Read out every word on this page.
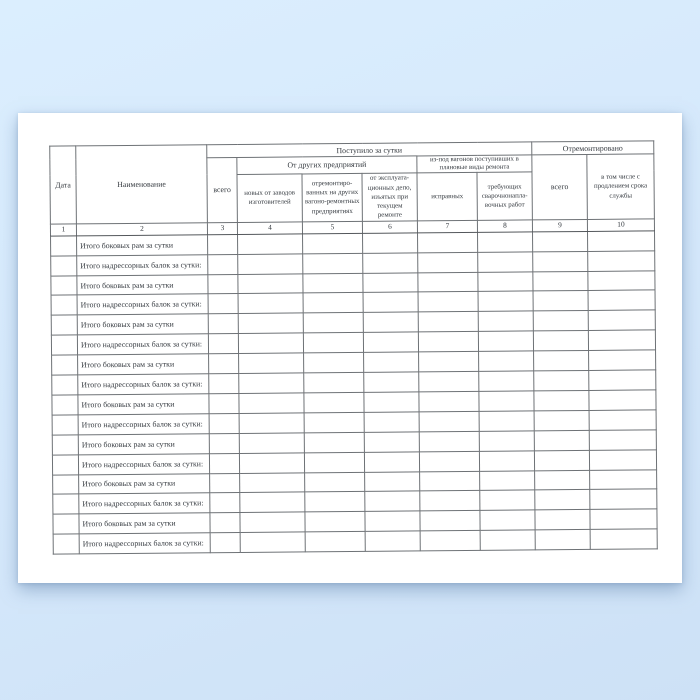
Дата	Наименование	Поступило за сутки						Отремонтировано	
		всего	От других предприятий			из-под вагонов поступивших в плановые виды ремонта		всего	в том числе с продлением срока службы
			новых от заводов изготовителей	отремонтиро-ванных на других вагоно-ремонтных предприятиях	от эксплуата-ционных депо, изъятых при текущем ремонте	исправных	требующих сварочнонапла-вочных работ		
1	2	3	4	5	6	7	8	9	10
	Итого боковых рам за сутки								
	Итого надрессорных балок за сутки:								
	Итого боковых рам за сутки								
	Итого надрессорных балок за сутки:								
	Итого боковых рам за сутки								
	Итого надрессорных балок за сутки:								
	Итого боковых рам за сутки								
	Итого надрессорных балок за сутки:								
	Итого боковых рам за сутки								
	Итого надрессорных балок за сутки:								
	Итого боковых рам за сутки								
	Итого надрессорных балок за сутки:								
	Итого боковых рам за сутки								
	Итого надрессорных балок за сутки:								
	Итого боковых рам за сутки								
	Итого надрессорных балок за сутки:								
